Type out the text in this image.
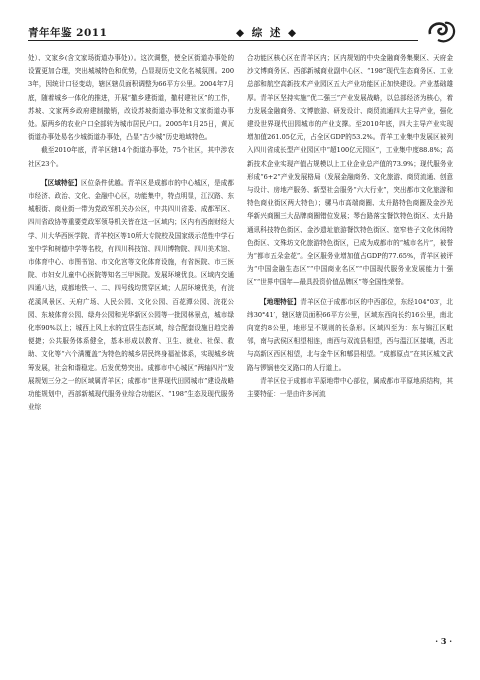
青年年鉴 2011	◆ 综 述 ◆

处）、文家乡(含文家场街道办事处)）。这次调整，使全区街道办事处的设置更加合理，突出城城特色和优势，凸显现历史文化名城氛围。2003年，因统计口径变动，辖区辖员面积调整为66平方公里。2004年7月底，随着城乡一体化的推进，开展“撤乡建街道，撤村建社区”的工作，苏坡、文家两乡政府建制撤销，改设苏坡街道办事处和文家街道办事处。原两乡的农业户口全部转为城市居民户口。2005年1月25日，黄瓦街道办事处易名少城街道办事处，凸显“古少城”历史地域特色。

截至2010年底，青羊区辖14个街道办事处，75个社区，其中涉农社区23个。

【区域特征】区位条件优越。青羊区是成都市的中心城区，是成都市经济、政治、文化、金融中心区，功能集中，特点明显，江汉路、东城根街、商业街一带为党政军机关办公区，中共四川省委、成都军区、四川省政协等重要党政军领导机关皆在这一区域内；区内有西南财经大学、川大华西医学院、青羊校区等10所大专院校及国家级示范性中学石室中学和树德中学等名校，有四川科技馆、四川博物院、四川美术馆、市体育中心、市图书馆、市文化宫等文化体育设施，有省医院、市三医院、市妇女儿童中心医院等知名三甲医院。发展环境优良。区域内交通四通八达，成都地铁一、二、四号线均贯穿区域；人居环境优美，有浣花溪风景区、天府广场、人民公园、文化公园、百花潭公园、浣花公园、东坡体育公园、绿舟公园和光华新区公园等一批园林景点，城市绿化率90%以上；城西上风上水的宜居生态区域，综合配套设施日趋完善便捷；公共服务体系健全，基本形成以教育、卫生、就业、社保、救助、文化等“六个满覆盖”为特色的城乡居民终身福祉体系，实现城乡统筹发展，社会和谐稳定。后发优势突出。成都市中心城区“两轴四片”发展规划三分之一的区域属青羊区；成都市“世界现代田园城市”建设战略功能规划中，西部新城现代服务业综合功能区、“198”生态及现代服务业综

合功能区核心区在青羊区内；区内规划的中央金融商务集聚区、天府金沙文博商务区、西部新城商业副中心区、“198”现代生态商务区、工业总部和航空高新技术产业园区五大产业功能区正加快建设。产业基础雄厚。青羊区坚持实施“优二强三”产业发展战略，以总部经济为核心，着力发展金融商务、文博旅游、研发设计、商贸流通四大主导产业，强化建设世界现代田园城市的产业支撑。至2010年底，四大主导产业实现增加值261.05亿元，占全区GDP的53.2%。青羊工业集中发展区被列入四川省成长型产业园区中“超100亿元园区”，工业集中度88.8%；高新技术企业实现产值占规模以上工业企业总产值的73.9%；现代服务业形成“6+2”产业发展格局（发展金融商务、文化旅游、商贸流通、创意与设计、房地产服务、新型社会服务“六大行业”，突出都市文化旅游和特色商业街区两大特色）；骡马市高端商圈、太升路特色商圈及金沙光华新兴商圈三大品牌商圈错位发展；琴台路落宝餐饮特色街区、太升路通讯科技特色街区、金沙遗址旅游餐饮特色街区、宽窄巷子文化休闲特色街区、文殊坊文化旅游特色街区，已成为成都市的“城市名片”，被誉为“都市五朵金花”。全区服务业增加值占GDP的77.65%，青羊区被评为“中国金融生态区”“中国商业名区”“中国现代服务业发展能力十强区”“世界中国年—最具投资价值品牌区”等全国性荣誉。

【地理特征】青羊区位于成都市区的中西部位，东经104°03′，北纬30°41′，辖区辖员面积66平方公里，区域东西向长约16公里，南北向宽约8公里，地形呈不规则的长条形。区域四至为：东与锦江区毗邻，南与武侯区相望相连，南西与双流县相望，西与温江区接壤，西北与高新区西区相望，北与金牛区和郫县相望。“成都原点”在其区城文武路与锣锅巷交叉路口的人行道上。

青羊区位于成都市平原地带中心部位，属成都市平原地质结构，其主要特征：一是由许多河流

· 3 ·
